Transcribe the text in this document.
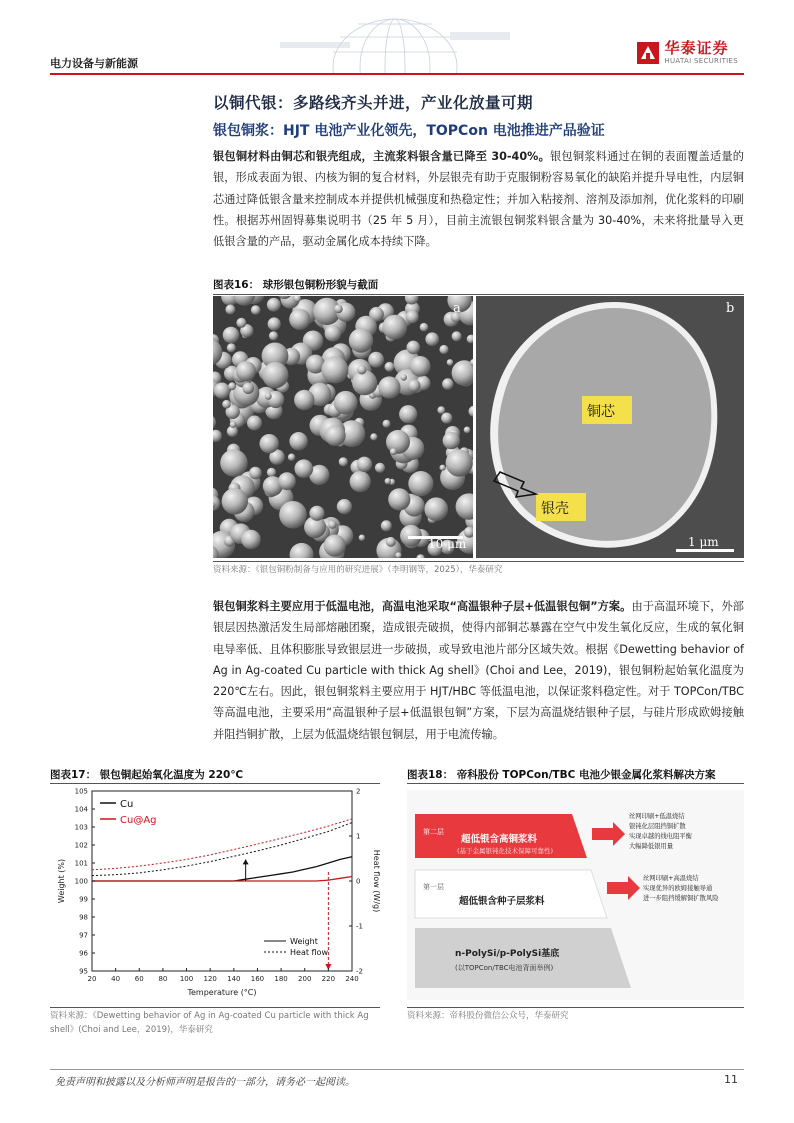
电力设备与新能源
华泰证券
HUATAI SECURITIES
以铜代银：多路线齐头并进，产业化放量可期
银包铜浆：HJT 电池产业化领先，TOPCon 电池推进产品验证
银包铜材料由铜芯和银壳组成，主流浆料银含量已降至 30-40%。银包铜浆料通过在铜的表面覆盖适量的银，形成表面为银、内核为铜的复合材料，外层银壳有助于克服铜粉容易氧化的缺陷并提升导电性，内层铜芯通过降低银含量来控制成本并提供机械强度和热稳定性；并加入粘接剂、溶剂及添加剂，优化浆料的印刷性。根据苏州固锝募集说明书（25 年 5 月），目前主流银包铜浆料银含量为 30-40%，未来将批量导入更低银含量的产品，驱动金属化成本持续下降。
图表16： 球形银包铜粉形貌与截面
10 μm
a	b
铜芯
银壳
1 μm
资料来源：《银包铜粉制备与应用的研究进展》（李明钢等，2025），华泰研究
银包铜浆料主要应用于低温电池，高温电池采取“高温银种子层+低温银包铜”方案。由于高温环境下，外部银层因热激活发生局部熔融团聚，造成银壳破损，使得内部铜芯暴露在空气中发生氧化反应，生成的氧化铜电导率低、且体积膨胀导致银层进一步破损，或导致电池片部分区域失效。根据《Dewetting behavior of Ag in Ag-coated Cu particle with thick Ag shell》(Choi and Lee，2019)，银包铜粉起始氧化温度为 220℃左右。因此，银包铜浆料主要应用于 HJT/HBC 等低温电池，以保证浆料稳定性。对于 TOPCon/TBC 等高温电池，主要采用“高温银种子层+低温银包铜”方案，下层为高温烧结银种子层，与硅片形成欧姆接触并阻挡铜扩散，上层为低温烧结银包铜层，用于电流传输。
图表17： 银包铜起始氧化温度为 220℃
20 40 60 80 100 120 140 160 180 200 220 240
95
96
97
98
99
100
101
102
103
104
105
-2
-1
0
1
2
Temperature (°C)
Weight (%)	Heat flow (W/g)
Cu
Cu@Ag
Weight
Heat flow
资料来源：《Dewetting behavior of Ag in Ag-coated Cu particle with thick Ag shell》(Choi and Lee，2019)，华泰研究
图表18： 帝科股份 TOPCon/TBC 电池少银金属化浆料解决方案
第二层
超低银含高铜浆料
(基于金属银钝化技术保障可靠性)
第一层
超低银含种子层浆料
n-PolySi/p-PolySi基底
(以TOPCon/TBC电池背面举例)
丝网印刷+低温烧结
银钝化层阻挡铜扩散
实现卓越的线电阻平衡
大幅降低银用量
丝网印刷+高温烧结
实现优异的欧姆接触导通
进一步阻挡缓解铜扩散风险
资料来源：帝科股份微信公众号，华泰研究
免责声明和披露以及分析师声明是报告的一部分，请务必一起阅读。	11
